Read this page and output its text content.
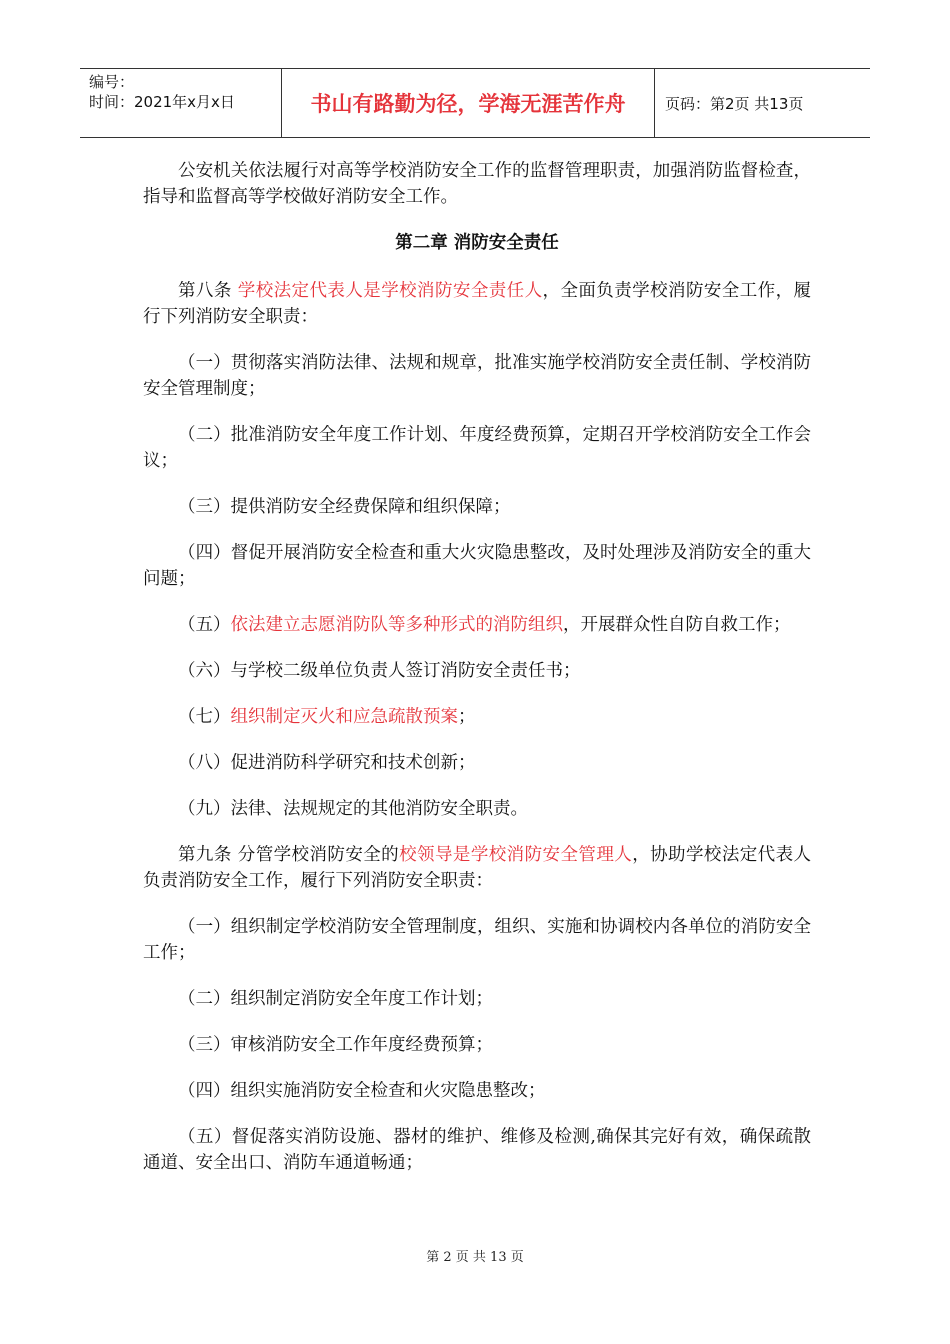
编号：
时间：2021年x月x日	书山有路勤为径，学海无涯苦作舟	页码：第2页 共13页

公安机关依法履行对高等学校消防安全工作的监督管理职责，加强消防监督检查，指导和监督高等学校做好消防安全工作。

第二章 消防安全责任

第八条 学校法定代表人是学校消防安全责任人，全面负责学校消防安全工作，履行下列消防安全职责：

（一）贯彻落实消防法律、法规和规章，批准实施学校消防安全责任制、学校消防安全管理制度；

（二）批准消防安全年度工作计划、年度经费预算，定期召开学校消防安全工作会议；

（三）提供消防安全经费保障和组织保障；

（四）督促开展消防安全检查和重大火灾隐患整改，及时处理涉及消防安全的重大问题；

（五）依法建立志愿消防队等多种形式的消防组织，开展群众性自防自救工作；

（六）与学校二级单位负责人签订消防安全责任书；

（七）组织制定灭火和应急疏散预案；

（八）促进消防科学研究和技术创新；

（九）法律、法规规定的其他消防安全职责。

第九条 分管学校消防安全的校领导是学校消防安全管理人，协助学校法定代表人负责消防安全工作，履行下列消防安全职责：

（一）组织制定学校消防安全管理制度，组织、实施和协调校内各单位的消防安全工作；

（二）组织制定消防安全年度工作计划；

（三）审核消防安全工作年度经费预算；

（四）组织实施消防安全检查和火灾隐患整改；

（五）督促落实消防设施、器材的维护、维修及检测,确保其完好有效，确保疏散通道、安全出口、消防车通道畅通；

第 2 页 共 13 页
